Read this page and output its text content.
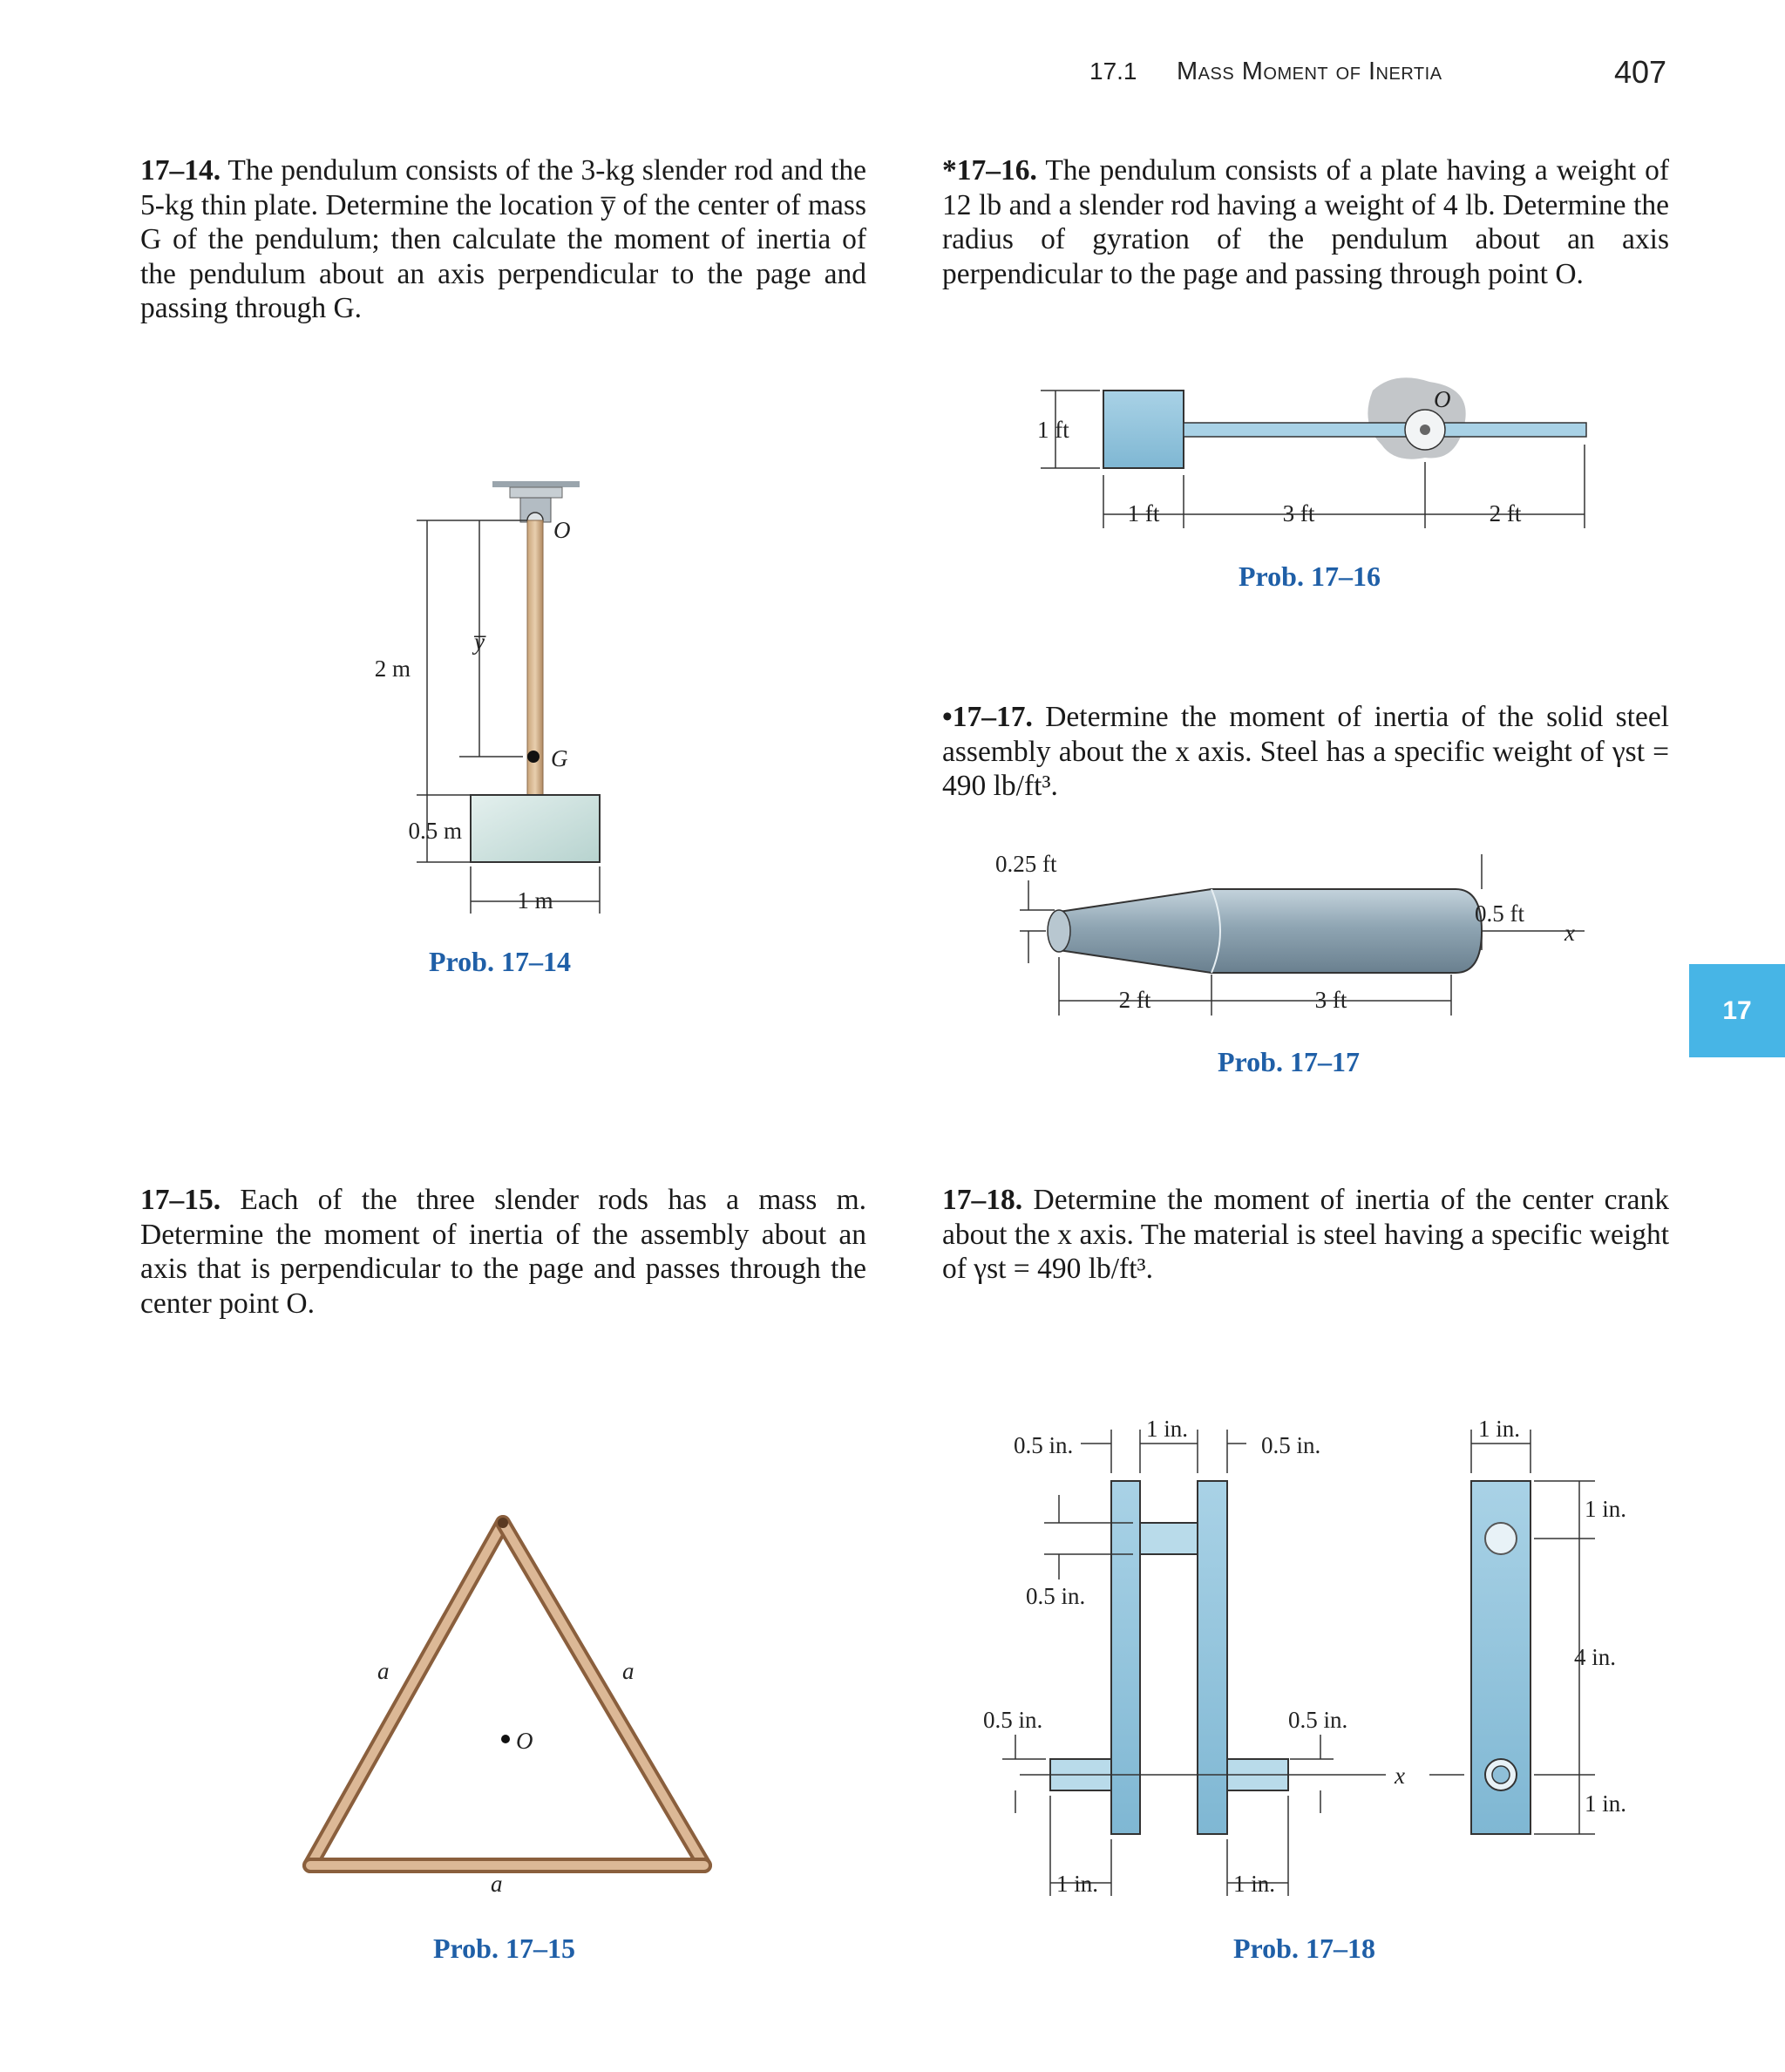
17.1 Mass Moment of Inertia	407
17
17–14. The pendulum consists of the 3-kg slender rod and the 5-kg thin plate. Determine the location y̅ of the center of mass G of the pendulum; then calculate the moment of inertia of the pendulum about an axis perpendicular to the page and passing through G.
*17–16. The pendulum consists of a plate having a weight of 12 lb and a slender rod having a weight of 4 lb. Determine the radius of gyration of the pendulum about an axis perpendicular to the page and passing through point O.
•17–17. Determine the moment of inertia of the solid steel assembly about the x axis. Steel has a specific weight of γst = 490 lb/ft³.
17–15. Each of the three slender rods has a mass m. Determine the moment of inertia of the assembly about an axis that is perpendicular to the page and passes through the center point O.
17–18. Determine the moment of inertia of the center crank about the x axis. The material is steel having a specific weight of γst = 490 lb/ft³.
G
O
2 m
0.5 m
y̅
1 m
Prob. 17–14
O
1 ft
1 ft	3 ft	2 ft
Prob. 17–16
x
0.25 ft
0.5 ft
2 ft	3 ft
Prob. 17–17
O
a	a
a
Prob. 17–15
x
0.5 in.
1 in.
0.5 in.
0.5 in.
0.5 in.	0.5 in.
1 in.	1 in.
1 in.
1 in.
4 in.
1 in.
Prob. 17–18
